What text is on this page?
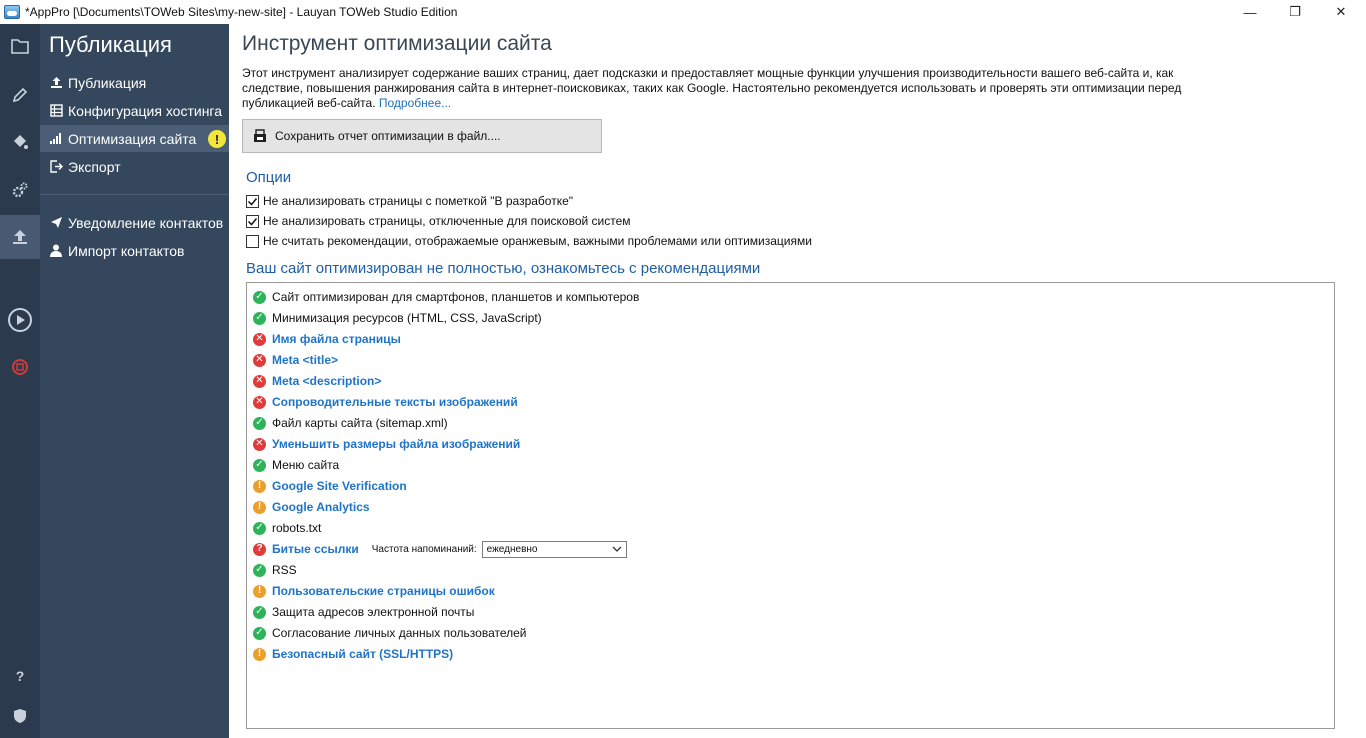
*AppPro [\Documents\TOWeb Sites\my-new-site] - Lauyan TOWeb Studio Edition	—	❐	✕
?
Публикация
Публикация
Конфигурация хостинга
Оптимизация сайта	!
Экспорт
Уведомление контактов
Импорт контактов
Инструмент оптимизации сайта
Этот инструмент анализирует содержание ваших страниц, дает подсказки и предоставляет мощные функции улучшения производительности вашего веб-сайта и, как следствие, повышения ранжирования сайта в интернет-поисковиках, таких как Google. Настоятельно рекомендуется использовать и проверять эти оптимизации перед публикацией веб-сайта. Подробнее...
Сохранить отчет оптимизации в файл....
Опции
Не анализировать страницы с пометкой "В разработке"
Не анализировать страницы, отключенные для поисковой систем
Не считать рекомендации, отображаемые оранжевым, важными проблемами или оптимизациями
Ваш сайт оптимизирован не полностью, ознакомьтесь с рекомендациями
✓ Сайт оптимизирован для смартфонов, планшетов и компьютеров
✓ Минимизация ресурсов (HTML, CSS, JavaScript)
✕ Имя файла страницы
✕ Meta <title>
✕ Meta <description>
✕ Сопроводительные тексты изображений
✓ Файл карты сайта (sitemap.xml)
✕ Уменьшить размеры файла изображений
✓ Меню сайта
! Google Site Verification
! Google Analytics
✓ robots.txt
? Битые ссылки Частота напоминаний: ежедневно
✓ RSS
! Пользовательские страницы ошибок
✓ Защита адресов электронной почты
✓ Согласование личных данных пользователей
! Безопасный сайт (SSL/HTTPS)
